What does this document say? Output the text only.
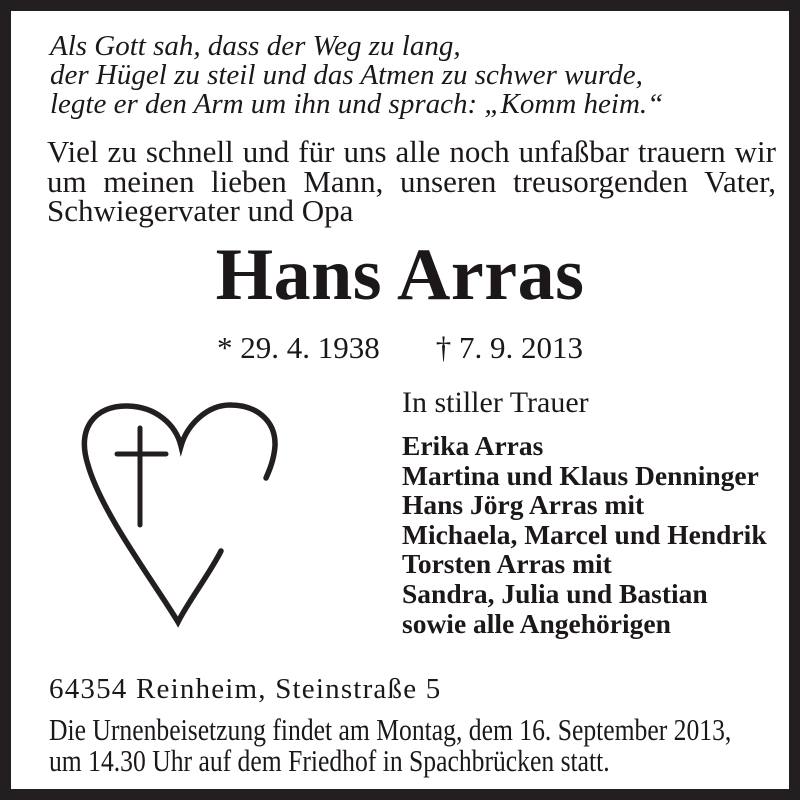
Als Gott sah, dass der Weg zu lang,
der Hügel zu steil und das Atmen zu schwer wurde,
legte er den Arm um ihn und sprach: „Komm heim.“
Viel zu schnell und für uns alle noch unfaßbar trauern wir
um meinen lieben Mann, unseren treusorgenden Vater,
Schwiegervater und Opa
Hans Arras
* 29. 4. 1938 † 7. 9. 2013
In stiller Trauer
Erika Arras
Martina und Klaus Denninger
Hans Jörg Arras mit
Michaela, Marcel und Hendrik
Torsten Arras mit
Sandra, Julia und Bastian
sowie alle Angehörigen
64354 Reinheim, Steinstraße 5
Die Urnenbeisetzung findet am Montag, dem 16. September 2013,
um 14.30 Uhr auf dem Friedhof in Spachbrücken statt.
